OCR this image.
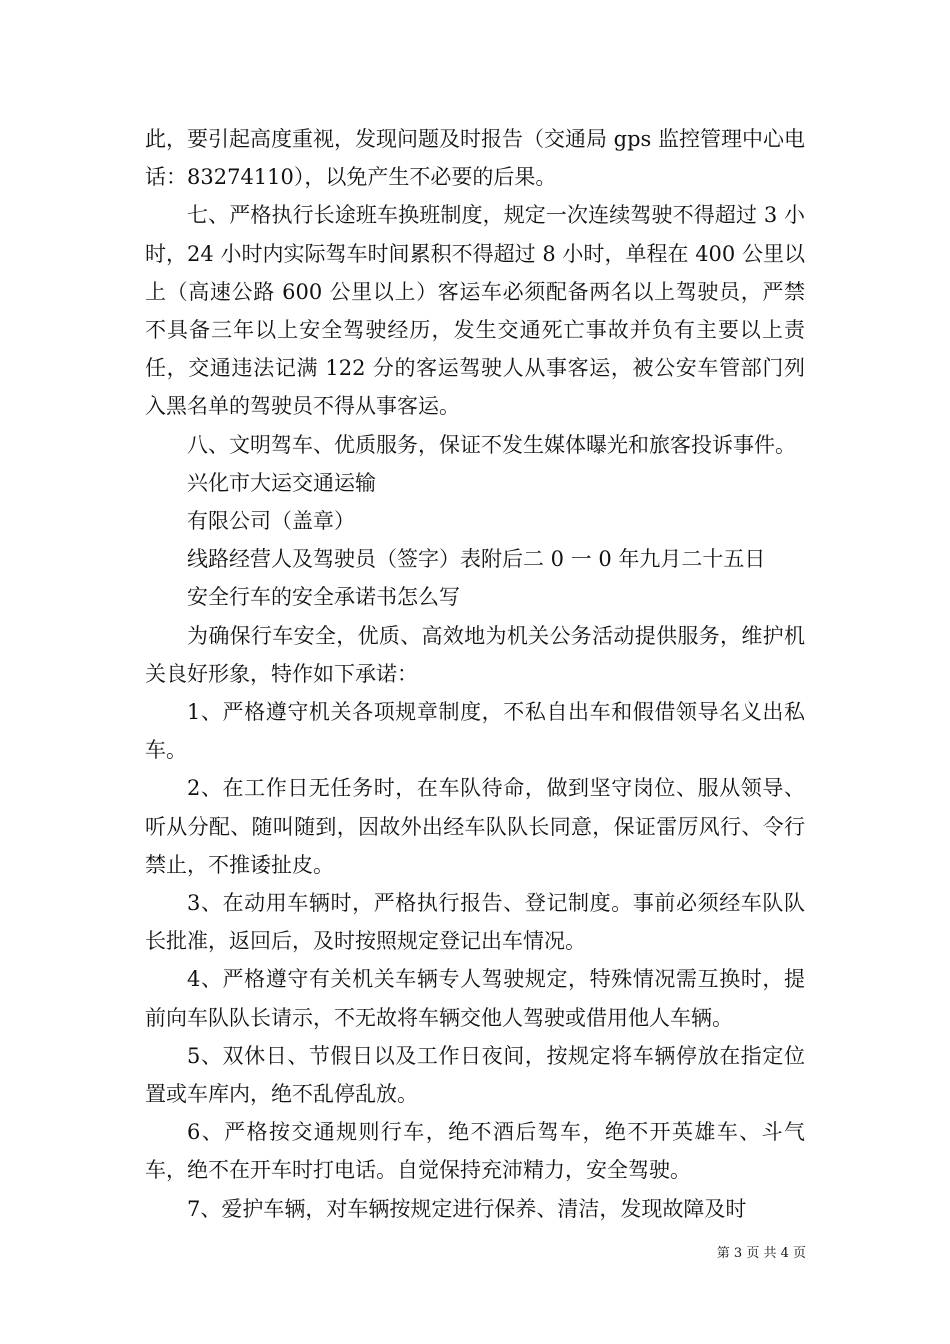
此，要引起高度重视，发现问题及时报告（交通局 gps 监控管理中心电话：83274110），以免产生不必要的后果。

七、严格执行长途班车换班制度，规定一次连续驾驶不得超过 3 小时，24 小时内实际驾车时间累积不得超过 8 小时，单程在 400 公里以上（高速公路 600 公里以上）客运车必须配备两名以上驾驶员，严禁不具备三年以上安全驾驶经历，发生交通死亡事故并负有主要以上责任，交通违法记满 122 分的客运驾驶人从事客运，被公安车管部门列入黑名单的驾驶员不得从事客运。

八、文明驾车、优质服务，保证不发生媒体曝光和旅客投诉事件。

兴化市大运交通运输

有限公司（盖章）

线路经营人及驾驶员（签字）表附后二 0 一 0 年九月二十五日

安全行车的安全承诺书怎么写

为确保行车安全，优质、高效地为机关公务活动提供服务，维护机关良好形象，特作如下承诺：

1、严格遵守机关各项规章制度，不私自出车和假借领导名义出私车。

2、在工作日无任务时，在车队待命，做到坚守岗位、服从领导、听从分配、随叫随到，因故外出经车队队长同意，保证雷厉风行、令行禁止，不推诿扯皮。

3、在动用车辆时，严格执行报告、登记制度。事前必须经车队队长批准，返回后，及时按照规定登记出车情况。

4、严格遵守有关机关车辆专人驾驶规定，特殊情况需互换时，提前向车队队长请示，不无故将车辆交他人驾驶或借用他人车辆。

5、双休日、节假日以及工作日夜间，按规定将车辆停放在指定位置或车库内，绝不乱停乱放。

6、严格按交通规则行车，绝不酒后驾车，绝不开英雄车、斗气车，绝不在开车时打电话。自觉保持充沛精力，安全驾驶。

7、爱护车辆，对车辆按规定进行保养、清洁，发现故障及时

第 3 页 共 4 页
